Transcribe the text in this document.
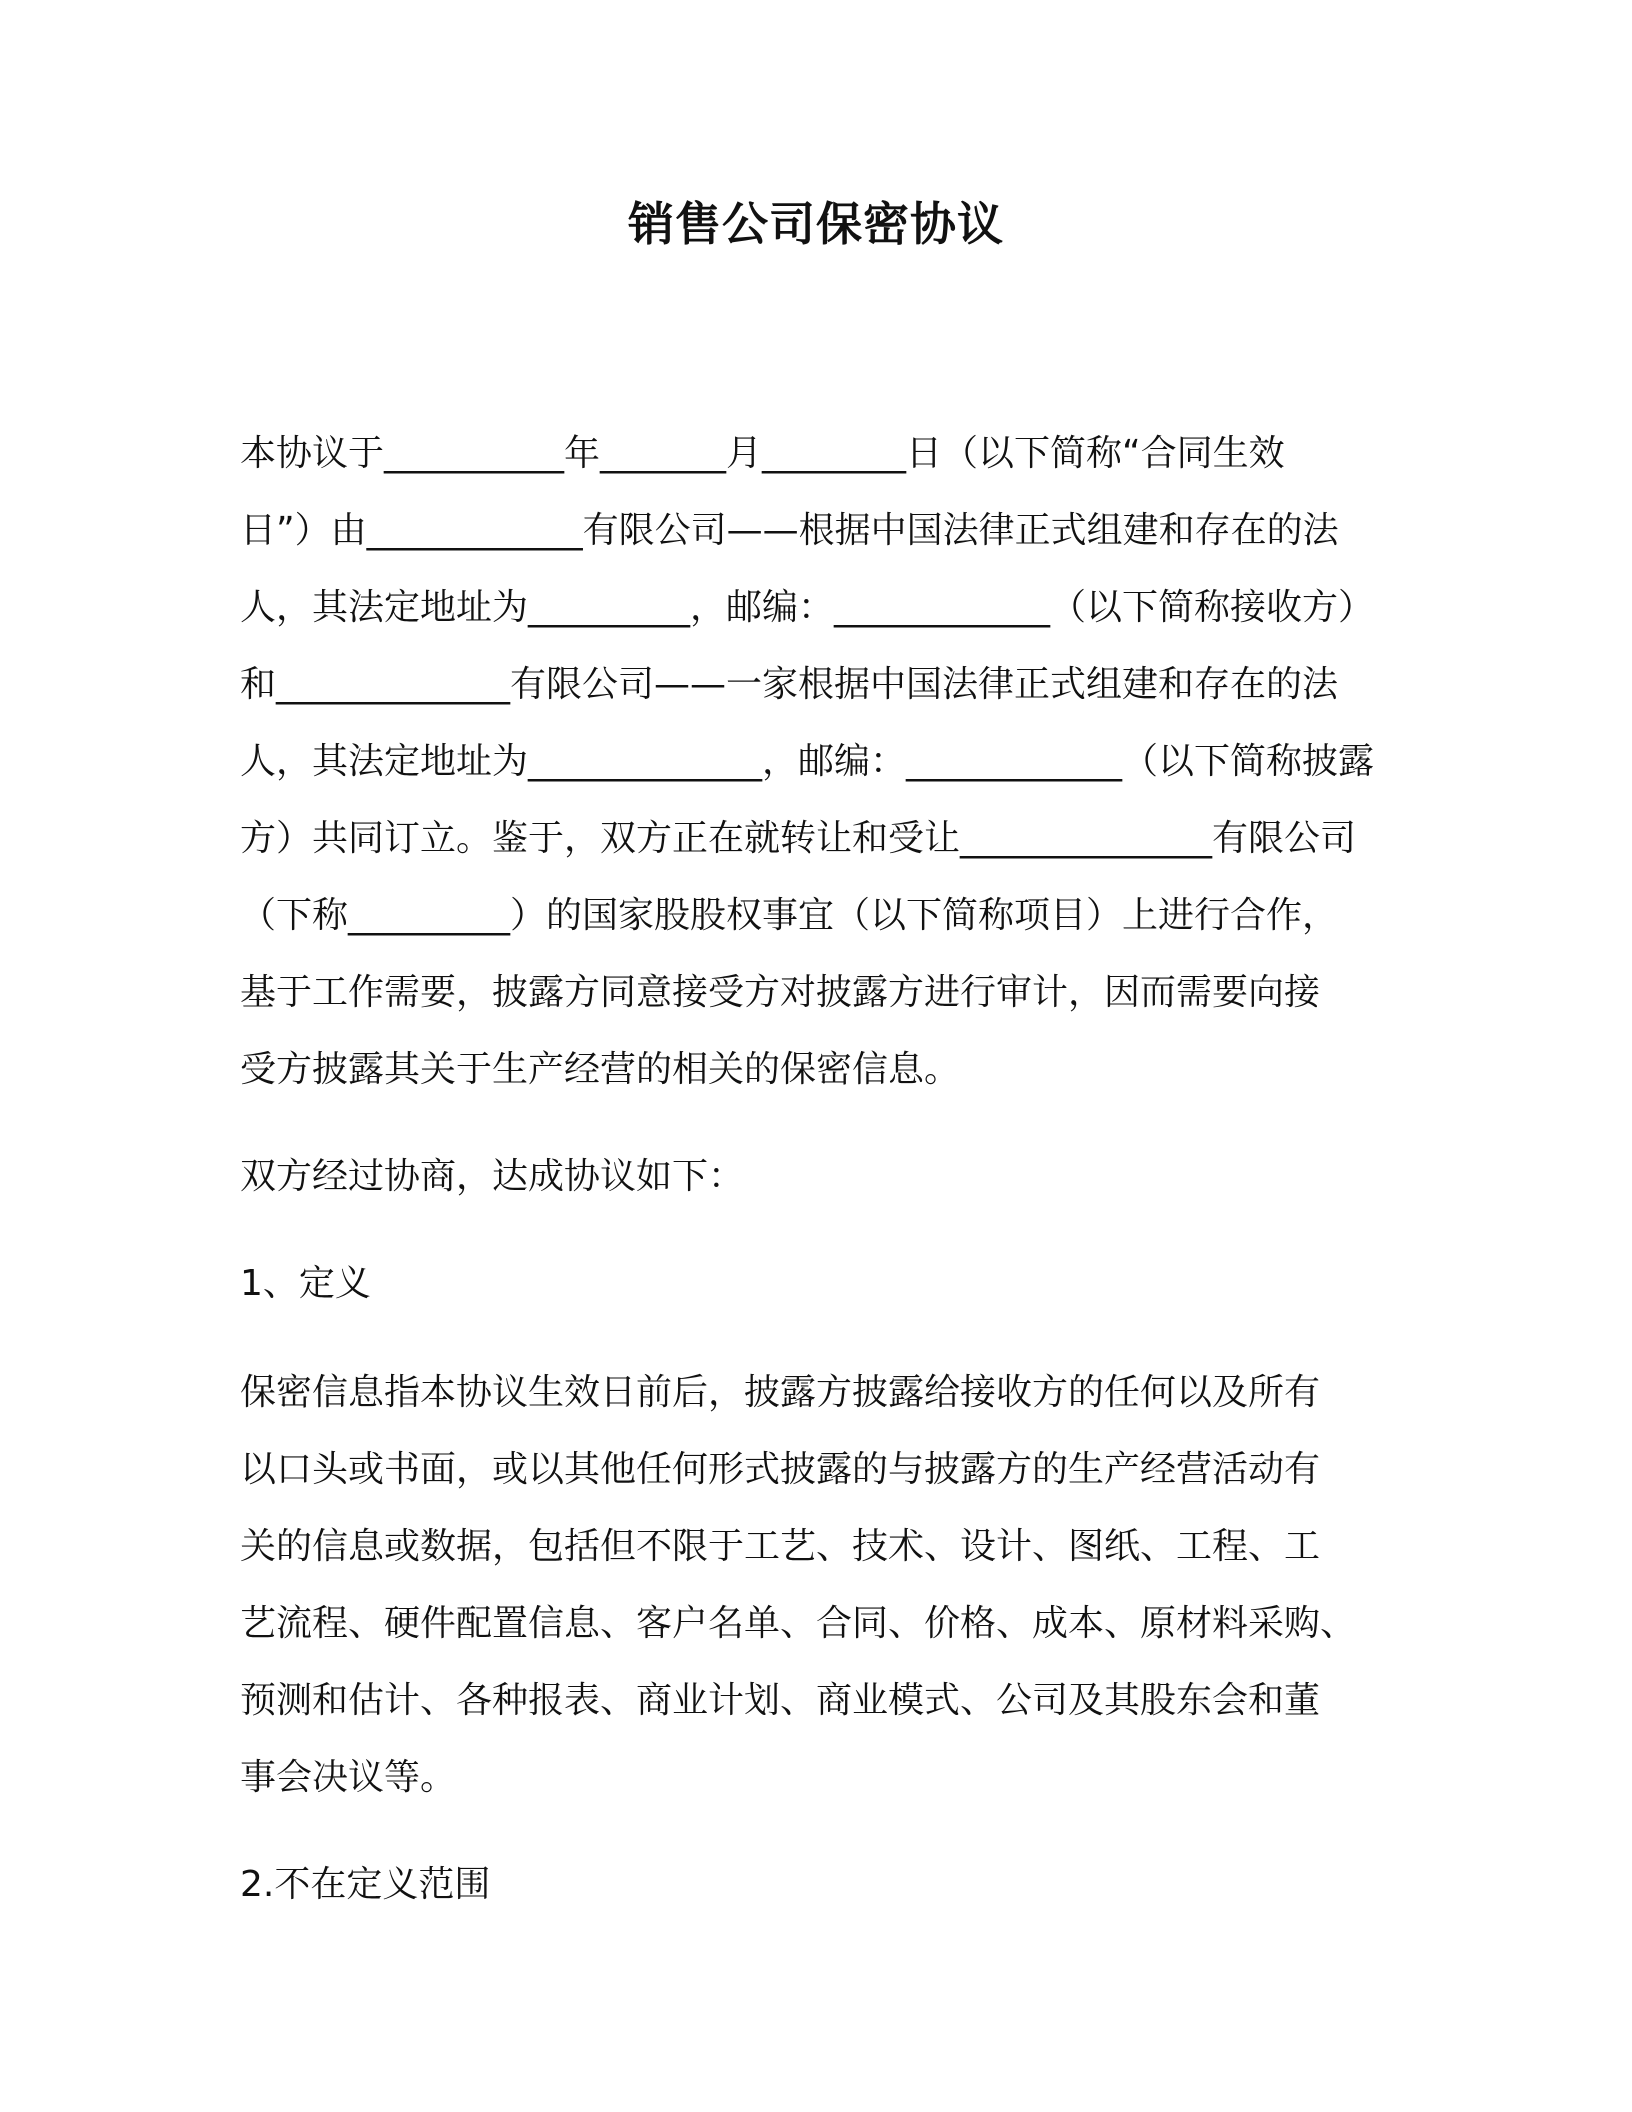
销售公司保密协议
本协议于__________年_______月________日（以下简称“合同生效
日”）由____________有限公司——根据中国法律正式组建和存在的法
人，其法定地址为_________，邮编：____________（以下简称接收方）
和_____________有限公司——一家根据中国法律正式组建和存在的法
人，其法定地址为_____________，邮编：____________（以下简称披露
方）共同订立。鉴于，双方正在就转让和受让______________有限公司
（下称_________）的国家股股权事宜（以下简称项目）上进行合作，
基于工作需要，披露方同意接受方对披露方进行审计，因而需要向接
受方披露其关于生产经营的相关的保密信息。
双方经过协商，达成协议如下：
1、定义
保密信息指本协议生效日前后，披露方披露给接收方的任何以及所有
以口头或书面，或以其他任何形式披露的与披露方的生产经营活动有
关的信息或数据，包括但不限于工艺、技术、设计、图纸、工程、工
艺流程、硬件配置信息、客户名单、合同、价格、成本、原材料采购、
预测和估计、各种报表、商业计划、商业模式、公司及其股东会和董
事会决议等。
2.不在定义范围
